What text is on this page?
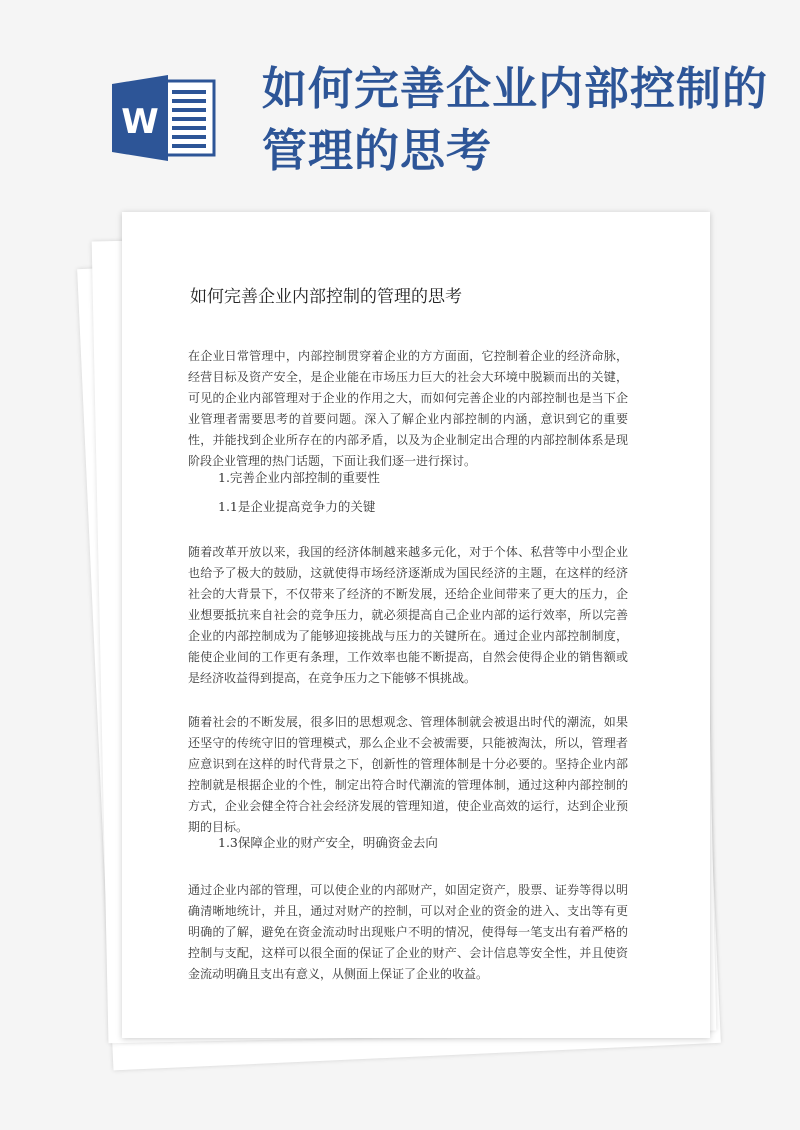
W
如何完善企业内部控制的管理的思考
如何完善企业内部控制的管理的思考

在企业日常管理中，内部控制贯穿着企业的方方面面，它控制着企业的经济命脉，经营目标及资产安全，是企业能在市场压力巨大的社会大环境中脱颖而出的关键，可见的企业内部管理对于企业的作用之大，而如何完善企业的内部控制也是当下企业管理者需要思考的首要问题。深入了解企业内部控制的内涵，意识到它的重要性，并能找到企业所存在的内部矛盾，以及为企业制定出合理的内部控制体系是现阶段企业管理的热门话题，下面让我们逐一进行探讨。

1.完善企业内部控制的重要性

1.1是企业提高竞争力的关键

随着改革开放以来，我国的经济体制越来越多元化，对于个体、私营等中小型企业也给予了极大的鼓励，这就使得市场经济逐渐成为国民经济的主题，在这样的经济社会的大背景下，不仅带来了经济的不断发展，还给企业间带来了更大的压力，企业想要抵抗来自社会的竞争压力，就必须提高自己企业内部的运行效率，所以完善企业的内部控制成为了能够迎接挑战与压力的关键所在。通过企业内部控制制度，能使企业间的工作更有条理，工作效率也能不断提高，自然会使得企业的销售额或是经济收益得到提高，在竞争压力之下能够不惧挑战。

随着社会的不断发展，很多旧的思想观念、管理体制就会被退出时代的潮流，如果还坚守的传统守旧的管理模式，那么企业不会被需要，只能被淘汰，所以，管理者应意识到在这样的时代背景之下，创新性的管理体制是十分必要的。坚持企业内部控制就是根据企业的个性，制定出符合时代潮流的管理体制，通过这种内部控制的方式，企业会健全符合社会经济发展的管理知道，使企业高效的运行，达到企业预期的目标。

1.3保障企业的财产安全，明确资金去向

通过企业内部的管理，可以使企业的内部财产，如固定资产，股票、证券等得以明确清晰地统计，并且，通过对财产的控制，可以对企业的资金的进入、支出等有更明确的了解，避免在资金流动时出现账户不明的情况，使得每一笔支出有着严格的控制与支配，这样可以很全面的保证了企业的财产、会计信息等安全性，并且使资金流动明确且支出有意义，从侧面上保证了企业的收益。
